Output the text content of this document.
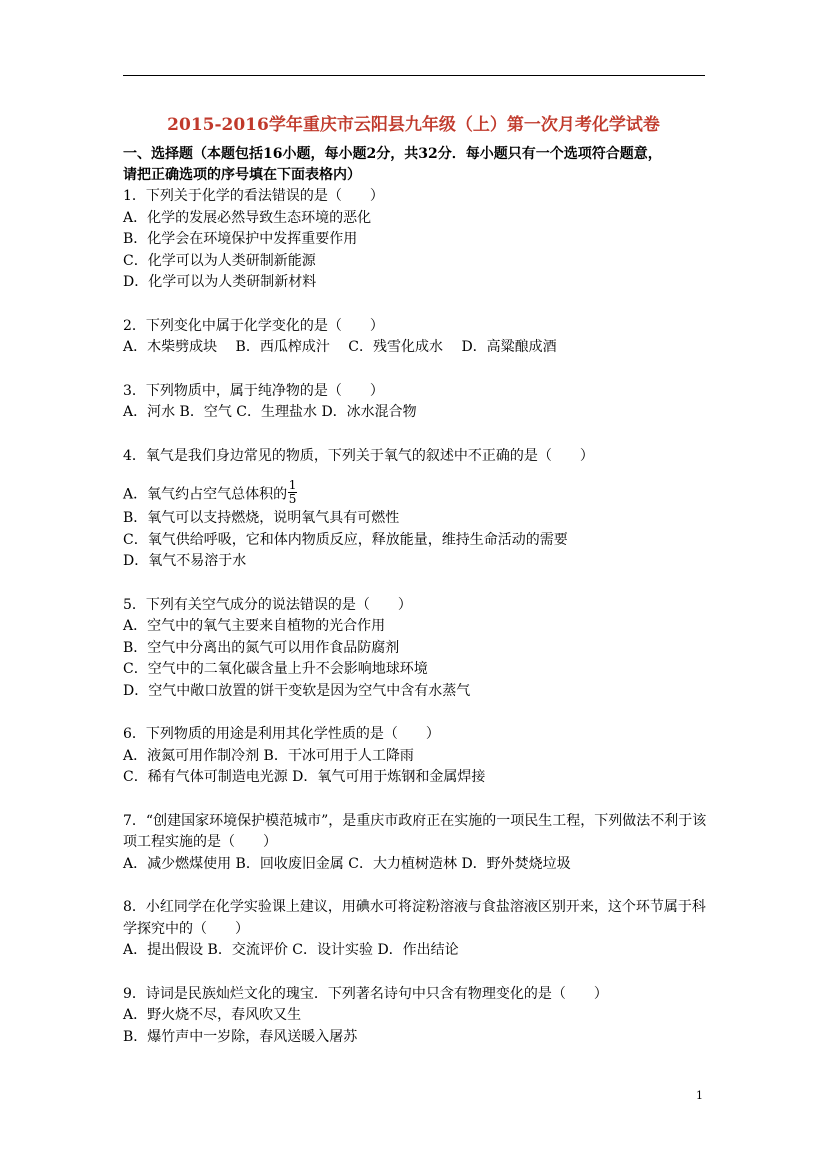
2015-2016学年重庆市云阳县九年级（上）第一次月考化学试卷
一、选择题（本题包括16小题，每小题2分，共32分．每小题只有一个选项符合题意，
请把正确选项的序号填在下面表格内）
1．下列关于化学的看法错误的是（　　）
A．化学的发展必然导致生态环境的恶化
B．化学会在环境保护中发挥重要作用
C．化学可以为人类研制新能源
D．化学可以为人类研制新材料
2．下列变化中属于化学变化的是（　　）
A．木柴劈成块　 B．西瓜榨成汁　 C．残雪化成水　 D．高粱酿成酒
3．下列物质中，属于纯净物的是（　　）
A．河水 B．空气 C．生理盐水 D．冰水混合物
4．氧气是我们身边常见的物质，下列关于氧气的叙述中不正确的是（　　）
A．氧气约占空气总体积的 $\frac{1}{5}$
B．氧气可以支持燃烧，说明氧气具有可燃性
C．氧气供给呼吸，它和体内物质反应，释放能量，维持生命活动的需要
D．氧气不易溶于水
5．下列有关空气成分的说法错误的是（　　）
A．空气中的氧气主要来自植物的光合作用
B．空气中分离出的氮气可以用作食品防腐剂
C．空气中的二氧化碳含量上升不会影响地球环境
D．空气中敞口放置的饼干变软是因为空气中含有水蒸气
6．下列物质的用途是利用其化学性质的是（　　）
A．液氮可用作制冷剂 B．干冰可用于人工降雨
C．稀有气体可制造电光源 D．氧气可用于炼钢和金属焊接
7．“创建国家环境保护模范城市”，是重庆市政府正在实施的一项民生工程，下列做法不利于该项工程实施的是（　　）
A．减少燃煤使用 B．回收废旧金属 C．大力植树造林 D．野外焚烧垃圾
8．小红同学在化学实验课上建议，用碘水可将淀粉溶液与食盐溶液区别开来，这个环节属于科学探究中的（　　）
A．提出假设 B．交流评价 C．设计实验 D．作出结论
9．诗词是民族灿烂文化的瑰宝．下列著名诗句中只含有物理变化的是（　　）
A．野火烧不尽，春风吹又生
B．爆竹声中一岁除，春风送暖入屠苏
1
